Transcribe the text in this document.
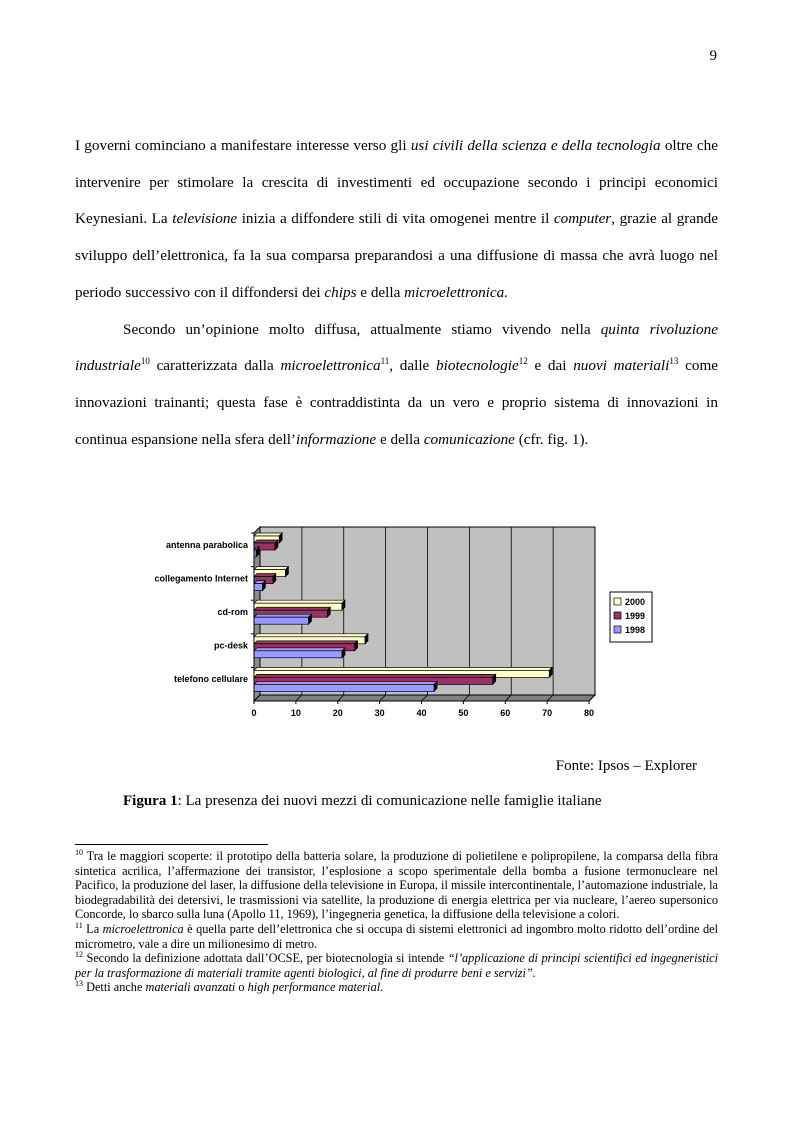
9

I governi cominciano a manifestare interesse verso gli usi civili della scienza e della tecnologia oltre che intervenire per stimolare la crescita di investimenti ed occupazione secondo i principi economici Keynesiani. La televisione inizia a diffondere stili di vita omogenei mentre il computer, grazie al grande sviluppo dell’elettronica, fa la sua comparsa preparandosi a una diffusione di massa che avrà luogo nel periodo successivo con il diffondersi dei chips e della microelettronica.

Secondo un’opinione molto diffusa, attualmente stiamo vivendo nella quinta rivoluzione industriale$^{10}$ caratterizzata dalla microelettronica$^{11}$, dalle biotecnologie$^{12}$ e dai nuovi materiali$^{13}$ come innovazioni trainanti; questa fase è contraddistinta da un vero e proprio sistema di innovazioni in continua espansione nella sfera dell’informazione e della comunicazione (cfr. fig. 1).

0	10	20	30	40	50	60	70	80
antenna parabolica
collegamento Internet
cd-rom
pc-desk
telefono cellulare
2000
1999
1998
Fonte: Ipsos – Explorer
Figura 1: La presenza dei nuovi mezzi di comunicazione nelle famiglie italiane

$^{10}$ Tra le maggiori scoperte: il prototipo della batteria solare, la produzione di polietilene e polipropilene, la comparsa della fibra sintetica acrilica, l’affermazione dei transistor, l’esplosione a scopo sperimentale della bomba a fusione termonucleare nel Pacifico, la produzione del laser, la diffusione della televisione in Europa, il missile intercontinentale, l’automazione industriale, la biodegradabilità dei detersivi, le trasmissioni via satellite, la produzione di energia elettrica per via nucleare, l’aereo supersonico Concorde, lo sbarco sulla luna (Apollo 11, 1969), l’ingegneria genetica, la diffusione della televisione a colori.

$^{11}$ La microelettronica è quella parte dell’elettronica che si occupa di sistemi elettronici ad ingombro molto ridotto dell’ordine del micrometro, vale a dire un milionesimo di metro.

$^{12}$ Secondo la definizione adottata dall’OCSE, per biotecnologia si intende “l’applicazione di principi scientifici ed ingegneristici per la trasformazione di materiali tramite agenti biologici, al fine di produrre beni e servizi”.

$^{13}$ Detti anche materiali avanzati o high performance material.
